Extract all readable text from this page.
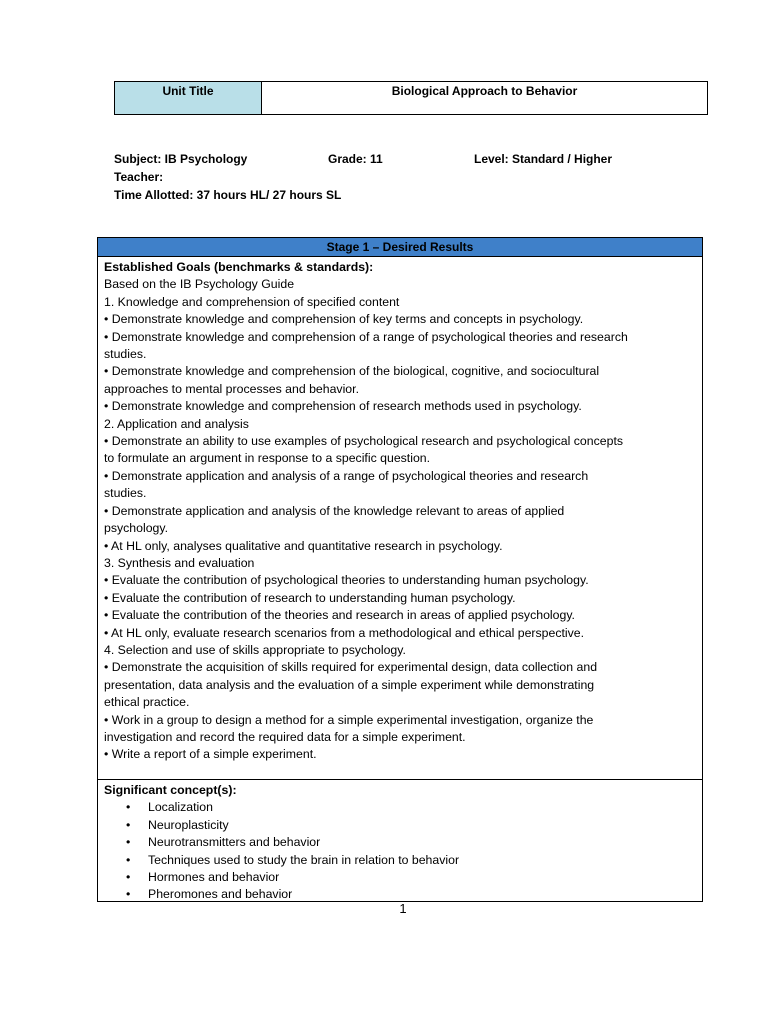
Unit Title	Biological Approach to Behavior
Subject: IB Psychology	Grade: 11	Level: Standard / Higher
Teacher:
Time Allotted: 37 hours HL/ 27 hours SL
Stage 1 – Desired Results
Established Goals (benchmarks & standards):
Based on the IB Psychology Guide
1. Knowledge and comprehension of specified content
• Demonstrate knowledge and comprehension of key terms and concepts in psychology.
• Demonstrate knowledge and comprehension of a range of psychological theories and research studies.
• Demonstrate knowledge and comprehension of the biological, cognitive, and sociocultural approaches to mental processes and behavior.
• Demonstrate knowledge and comprehension of research methods used in psychology.
2. Application and analysis
• Demonstrate an ability to use examples of psychological research and psychological concepts to formulate an argument in response to a specific question.
• Demonstrate application and analysis of a range of psychological theories and research studies.
• Demonstrate application and analysis of the knowledge relevant to areas of applied psychology.
• At HL only, analyses qualitative and quantitative research in psychology.
3. Synthesis and evaluation
• Evaluate the contribution of psychological theories to understanding human psychology.
• Evaluate the contribution of research to understanding human psychology.
• Evaluate the contribution of the theories and research in areas of applied psychology.
• At HL only, evaluate research scenarios from a methodological and ethical perspective.
4. Selection and use of skills appropriate to psychology.
• Demonstrate the acquisition of skills required for experimental design, data collection and presentation, data analysis and the evaluation of a simple experiment while demonstrating ethical practice.
• Work in a group to design a method for a simple experimental investigation, organize the investigation and record the required data for a simple experiment.
• Write a report of a simple experiment.
Significant concept(s):
• Localization
• Neuroplasticity
• Neurotransmitters and behavior
• Techniques used to study the brain in relation to behavior
• Hormones and behavior
• Pheromones and behavior
1
